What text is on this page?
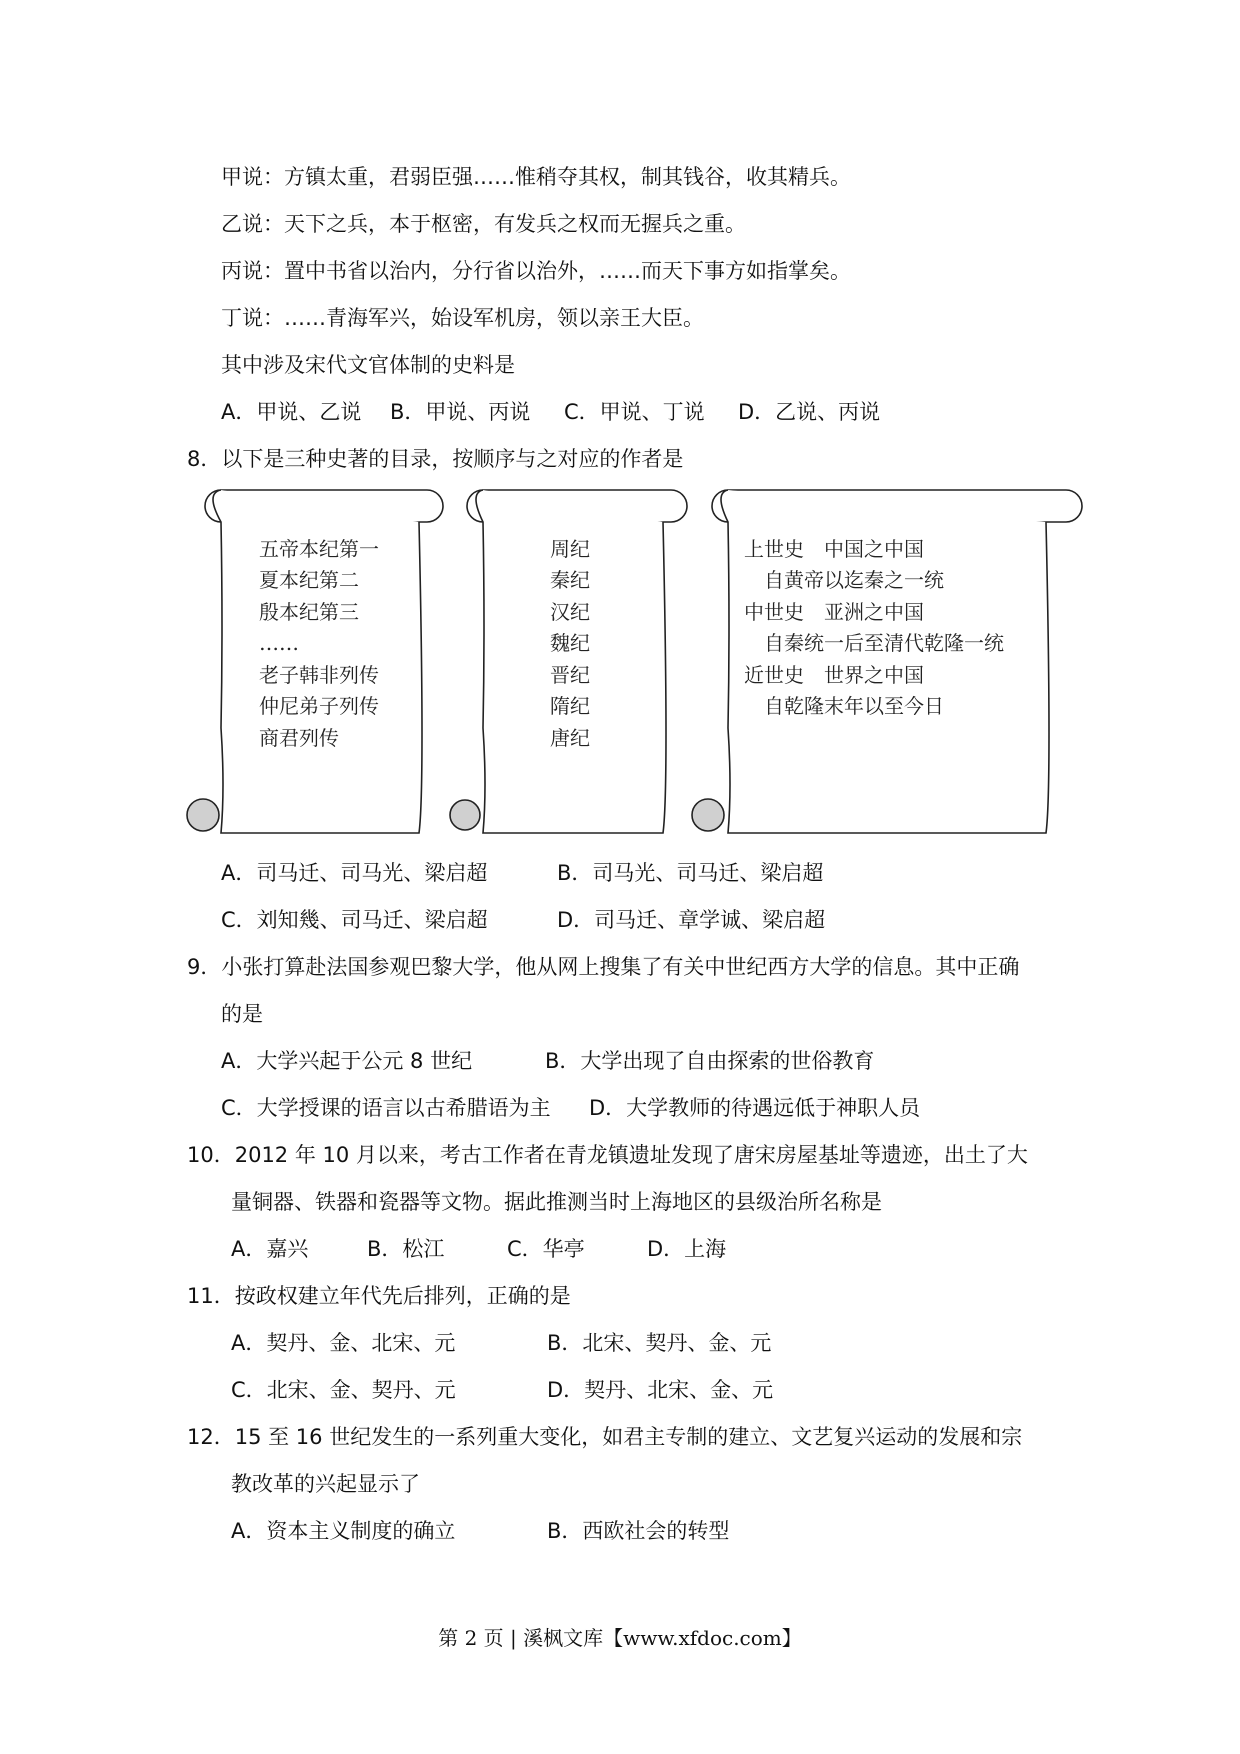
甲说：方镇太重，君弱臣强……惟稍夺其权，制其钱谷，收其精兵。
乙说：天下之兵，本于枢密，有发兵之权而无握兵之重。
丙说：置中书省以治内，分行省以治外，……而天下事方如指掌矣。
丁说：……青海军兴，始设军机房，领以亲王大臣。
其中涉及宋代文官体制的史料是
A．甲说、乙说 B．甲说、丙说 C．甲说、丁说 D．乙说、丙说
8．以下是三种史著的目录，按顺序与之对应的作者是
五帝本纪第一
夏本纪第二
殷本纪第三
……
老子韩非列传
仲尼弟子列传
商君列传
周纪
秦纪
汉纪
魏纪
晋纪
隋纪
唐纪
上世史　中国之中国
　自黄帝以迄秦之一统
中世史　亚洲之中国
　自秦统一后至清代乾隆一统
近世史　世界之中国
　自乾隆末年以至今日
A．司马迁、司马光、梁启超	B．司马光、司马迁、梁启超
C．刘知幾、司马迁、梁启超	D．司马迁、章学诚、梁启超
9．小张打算赴法国参观巴黎大学，他从网上搜集了有关中世纪西方大学的信息。其中正确
的是
A．大学兴起于公元 8 世纪	B．大学出现了自由探索的世俗教育
C．大学授课的语言以古希腊语为主 D．大学教师的待遇远低于神职人员
10．2012 年 10 月以来，考古工作者在青龙镇遗址发现了唐宋房屋基址等遗迹，出土了大
量铜器、铁器和瓷器等文物。据此推测当时上海地区的县级治所名称是
A．嘉兴	B．松江	C．华亭	D．上海
11．按政权建立年代先后排列，正确的是
A．契丹、金、北宋、元	B．北宋、契丹、金、元
C．北宋、金、契丹、元	D．契丹、北宋、金、元
12．15 至 16 世纪发生的一系列重大变化，如君主专制的建立、文艺复兴运动的发展和宗
教改革的兴起显示了
A．资本主义制度的确立	B．西欧社会的转型
第 2 页 | 溪枫文库【www.xfdoc.com】
